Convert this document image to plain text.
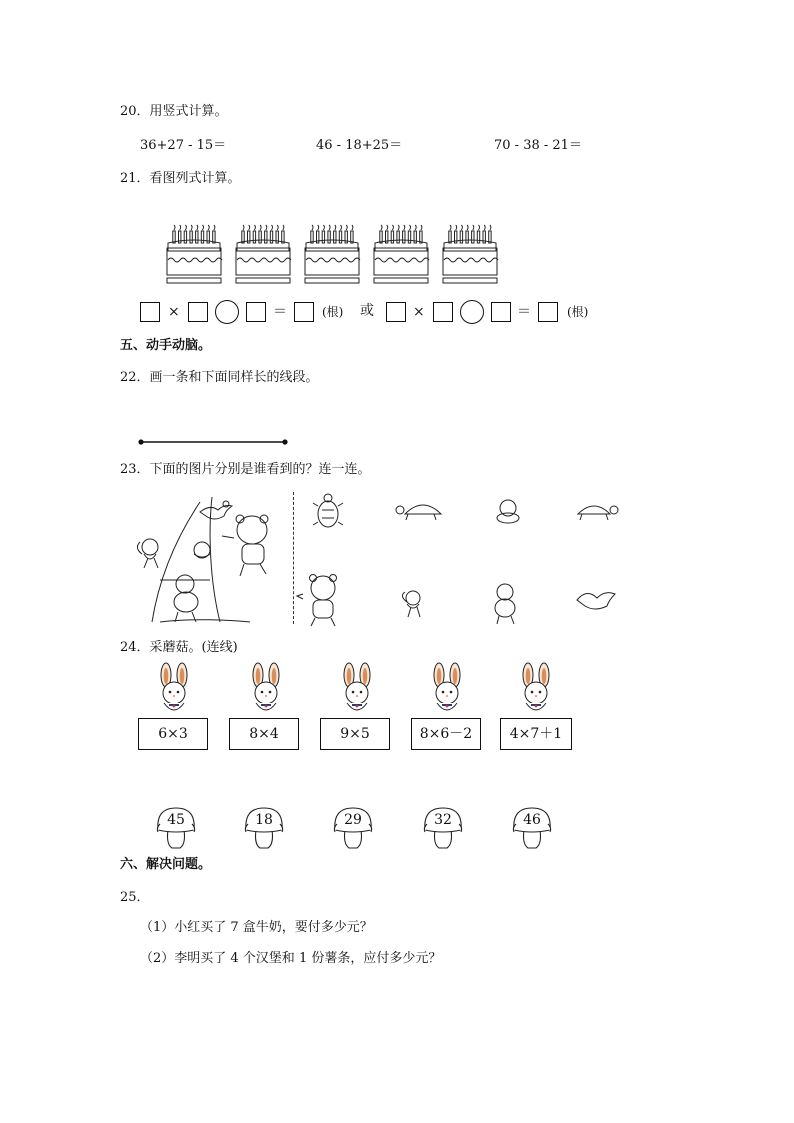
20．用竖式计算。
36+27 - 15＝	46 - 18+25＝	70 - 38 - 21＝
21．看图列式计算。
×	＝	(根) 或	×	＝	(根)
五、动手动脑。
22．画一条和下面同样长的线段。
23．下面的图片分别是谁看到的？连一连。
24．采蘑菇。(连线)
6×3	8×4	9×5	8×6－2	4×7＋1
45	18	29	32	46
六、解决问题。
25．
（1）小红买了 7 盒牛奶，要付多少元？
（2）李明买了 4 个汉堡和 1 份薯条，应付多少元？
